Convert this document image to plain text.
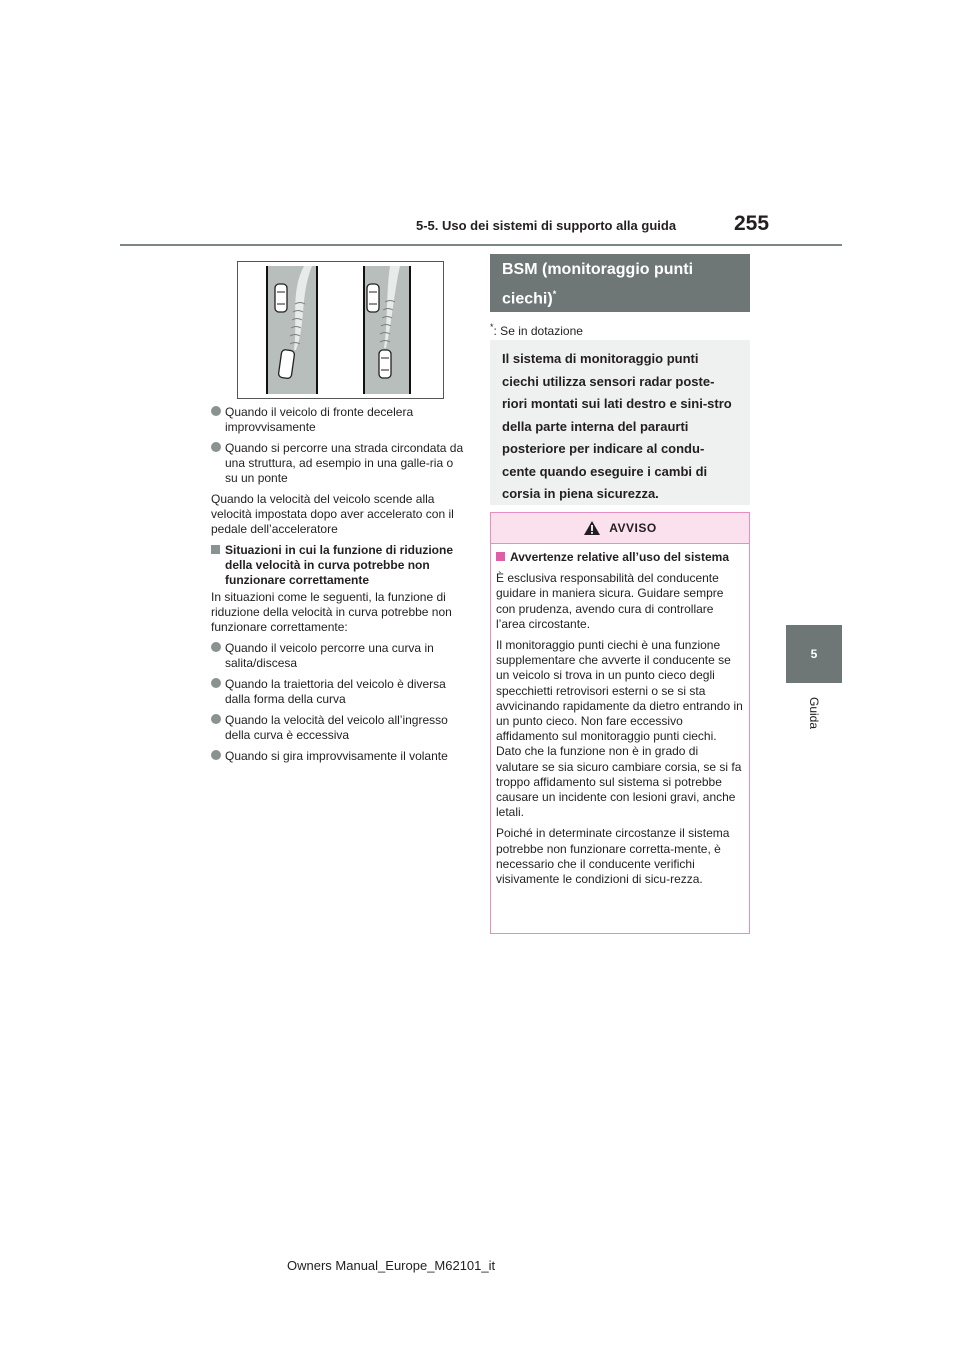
5-5. Uso dei sistemi di supporto alla guida	255
5
Guida
Quando il veicolo di fronte decelera improvvisamente
Quando si percorre una strada circondata da una struttura, ad esempio in una galle-ria o su un ponte
Quando la velocità del veicolo scende alla velocità impostata dopo aver accelerato con il pedale dell’acceleratore
Situazioni in cui la funzione di riduzione della velocità in curva potrebbe non funzionare correttamente
In situazioni come le seguenti, la funzione di riduzione della velocità in curva potrebbe non funzionare correttamente:
Quando il veicolo percorre una curva in salita/discesa
Quando la traiettoria del veicolo è diversa dalla forma della curva
Quando la velocità del veicolo all’ingresso della curva è eccessiva
Quando si gira improvvisamente il volante
BSM (monitoraggio punti ciechi)*
*: Se in dotazione
Il sistema di monitoraggio punti ciechi utilizza sensori radar poste-riori montati sui lati destro e sini-stro della parte interna del paraurti posteriore per indicare al condu-cente quando eseguire i cambi di corsia in piena sicurezza.
AVVISO
Avvertenze relative all’uso del sistema
È esclusiva responsabilità del conducente guidare in maniera sicura. Guidare sempre con prudenza, avendo cura di controllare l’area circostante.
Il monitoraggio punti ciechi è una funzione supplementare che avverte il conducente se un veicolo si trova in un punto cieco degli specchietti retrovisori esterni o se si sta avvicinando rapidamente da dietro entrando in un punto cieco. Non fare eccessivo affidamento sul monitoraggio punti ciechi. Dato che la funzione non è in grado di valutare se sia sicuro cambiare corsia, se si fa troppo affidamento sul sistema si potrebbe causare un incidente con lesioni gravi, anche letali.
Poiché in determinate circostanze il sistema potrebbe non funzionare corretta-mente, è necessario che il conducente verifichi visivamente le condizioni di sicu-rezza.
Owners Manual_Europe_M62101_it
